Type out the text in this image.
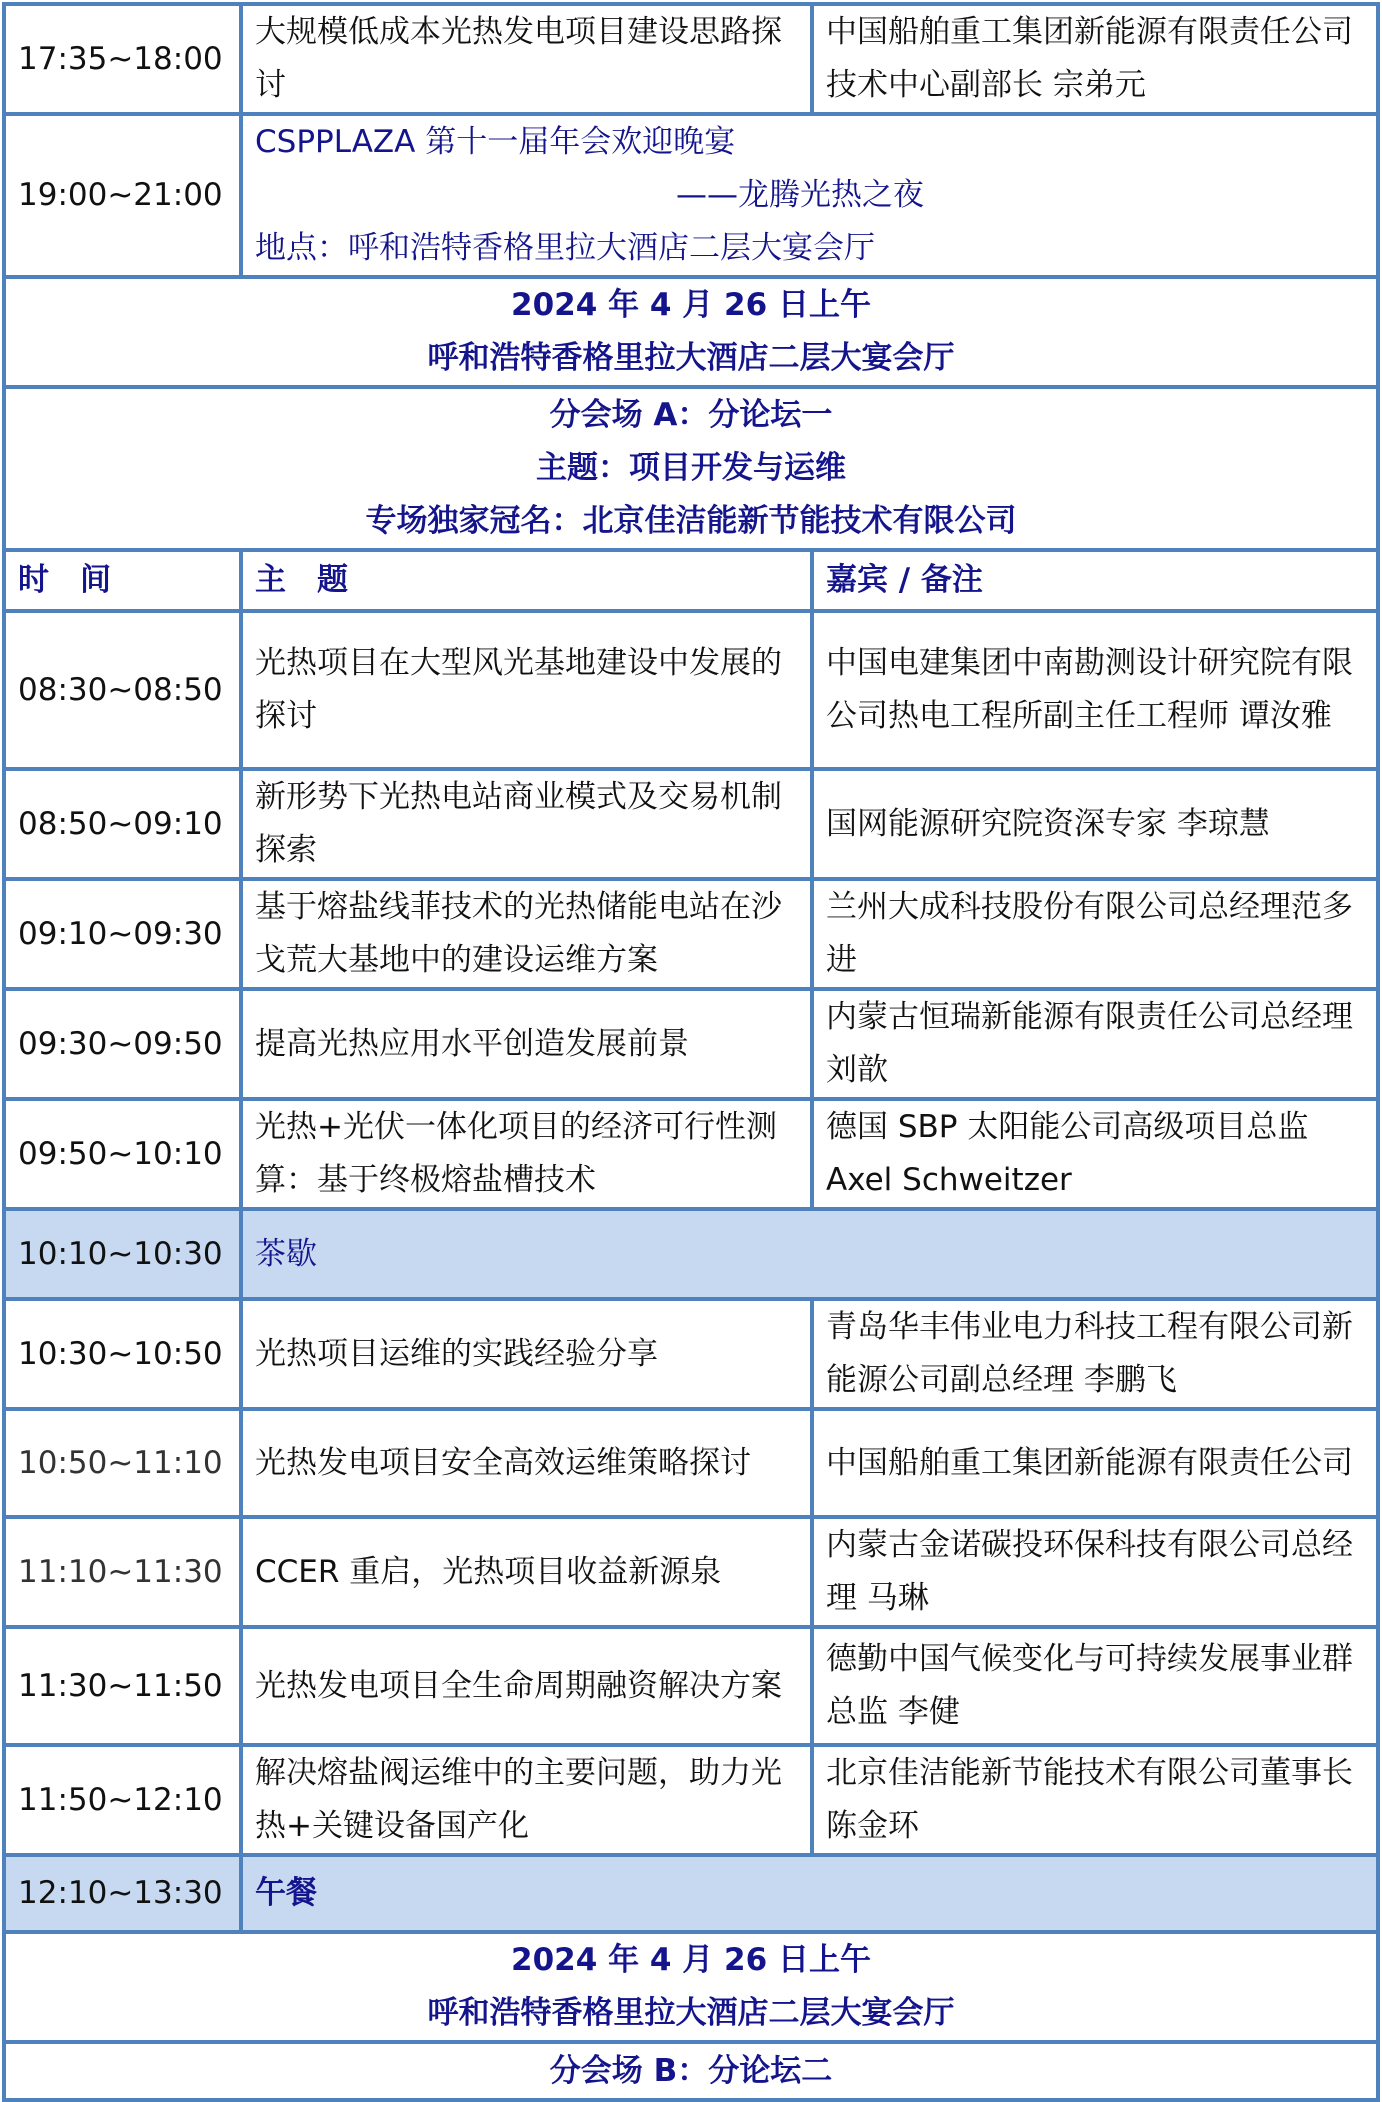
17:35~18:00	大规模低成本光热发电项目建设思路探讨	中国船舶重工集团新能源有限责任公司技术中心副部长 宗弟元
19:00~21:00	CSPPLAZA 第十一届年会欢迎晚宴
——龙腾光热之夜
地点：呼和浩特香格里拉大酒店二层大宴会厅	

2024 年 4 月 26 日上午
呼和浩特香格里拉大酒店二层大宴会厅		

分会场 A：分论坛一
主题：项目开发与运维
专场独家冠名：北京佳洁能新节能技术有限公司		

时　间	主　题	嘉宾 / 备注
08:30~08:50	光热项目在大型风光基地建设中发展的探讨	中国电建集团中南勘测设计研究院有限公司热电工程所副主任工程师 谭汝雅
08:50~09:10	新形势下光热电站商业模式及交易机制探索	国网能源研究院资深专家 李琼慧
09:10~09:30	基于熔盐线菲技术的光热储能电站在沙戈荒大基地中的建设运维方案	兰州大成科技股份有限公司总经理范多进
09:30~09:50	提高光热应用水平创造发展前景	内蒙古恒瑞新能源有限责任公司总经理 刘歆
09:50~10:10	光热+光伏一体化项目的经济可行性测算：基于终极熔盐槽技术	德国 SBP 太阳能公司高级项目总监 Axel Schweitzer
10:10~10:30	茶歇	
10:30~10:50	光热项目运维的实践经验分享	青岛华丰伟业电力科技工程有限公司新能源公司副总经理 李鹏飞
10:50~11:10	光热发电项目安全高效运维策略探讨	中国船舶重工集团新能源有限责任公司
11:10~11:30	CCER 重启，光热项目收益新源泉	内蒙古金诺碳投环保科技有限公司总经理 马琳
11:30~11:50	光热发电项目全生命周期融资解决方案	德勤中国气候变化与可持续发展事业群总监 李健
11:50~12:10	解决熔盐阀运维中的主要问题，助力光热+关键设备国产化	北京佳洁能新节能技术有限公司董事长 陈金环
12:10~13:30	午餐	

2024 年 4 月 26 日上午
呼和浩特香格里拉大酒店二层大宴会厅		

分会场 B：分论坛二		
